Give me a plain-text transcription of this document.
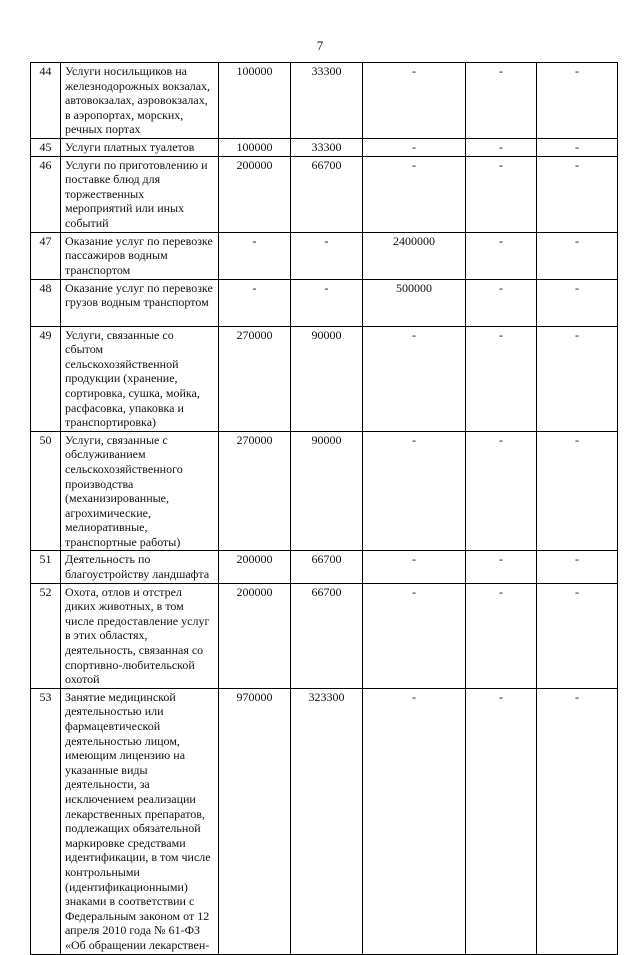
7
44	Услуги носильщиков на железнодорожных вокзалах, автовокзалах, аэровокзалах, в аэропортах, морских, речных портах	100000	33300	-	-	-
45	Услуги платных туалетов	100000	33300	-	-	-
46	Услуги по приготовлению и поставке блюд для торжественных мероприятий или иных событий	200000	66700	-	-	-
47	Оказание услуг по перевозке пассажиров водным транспортом	-	-	2400000	-	-
48	Оказание услуг по перевозке грузов водным транспортом	-	-	500000	-	-
49	Услуги, связанные со сбытом сельскохозяйственной продукции (хранение, сортировка, сушка, мойка, расфасовка, упаковка и транспортировка)	270000	90000	-	-	-
50	Услуги, связанные с обслуживанием сельскохозяйственного производства (механизированные, агрохимические, мелиоративные, транспортные работы)	270000	90000	-	-	-
51	Деятельность по благоустройству ландшафта	200000	66700	-	-	-
52	Охота, отлов и отстрел диких животных, в том числе предоставление услуг в этих областях, деятельность, связанная со спортивно-любительской охотой	200000	66700	-	-	-
53	Занятие медицинской деятельностью или фармацевтической деятельностью лицом, имеющим лицензию на указанные виды деятельности, за исключением реализации лекарственных препаратов, подлежащих обязательной маркировке средствами идентификации, в том числе контрольными (идентификационными) знаками в соответствии с Федеральным законом от 12 апреля 2010 года № 61-ФЗ «Об обращении лекарствен-	970000	323300	-	-	-
